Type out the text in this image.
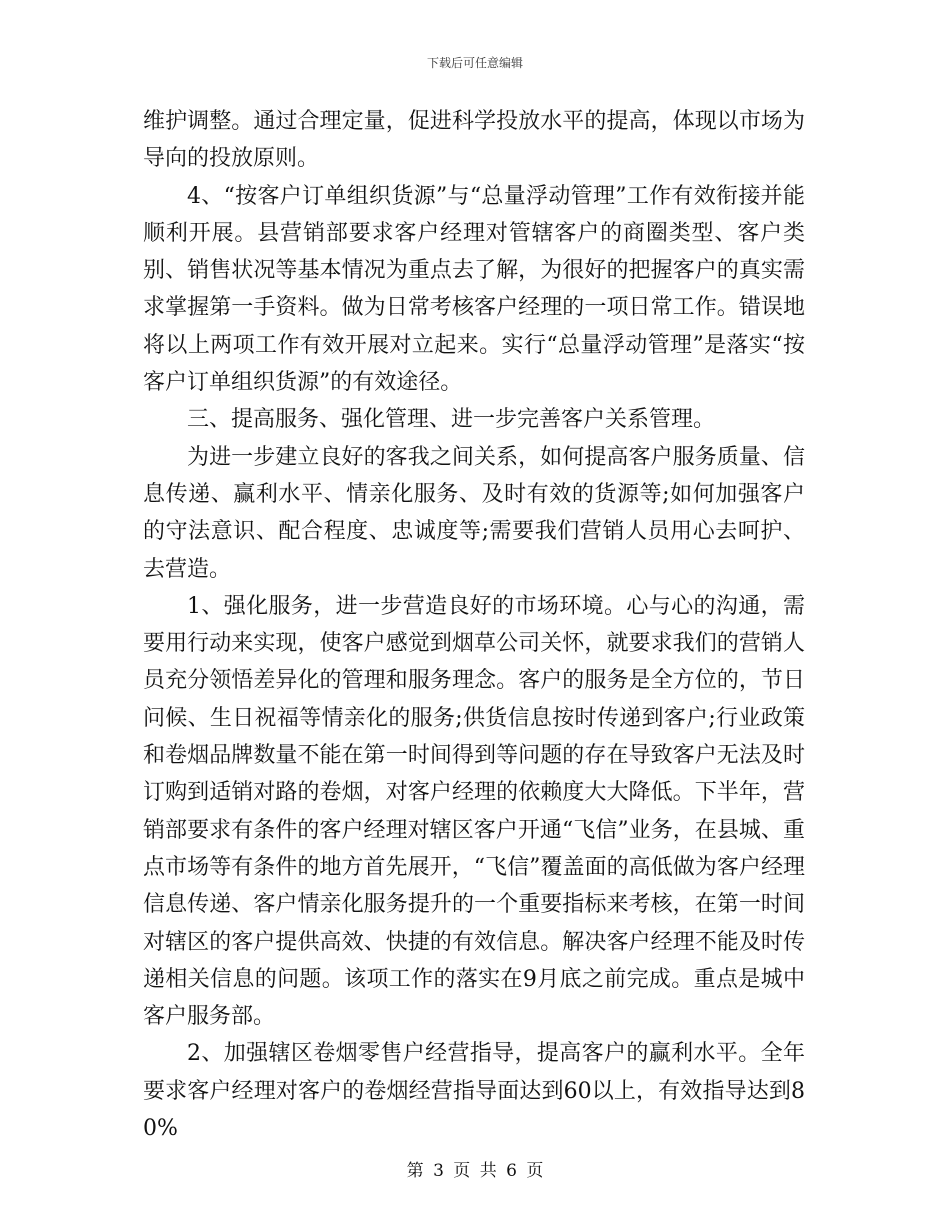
下载后可任意编辑

维护调整。通过合理定量，促进科学投放水平的提高，体现以市场为导向的投放原则。

4、“按客户订单组织货源”与“总量浮动管理”工作有效衔接并能顺利开展。县营销部要求客户经理对管辖客户的商圈类型、客户类别、销售状况等基本情况为重点去了解，为很好的把握客户的真实需求掌握第一手资料。做为日常考核客户经理的一项日常工作。错误地将以上两项工作有效开展对立起来。实行“总量浮动管理”是落实“按客户订单组织货源”的有效途径。

三、提高服务、强化管理、进一步完善客户关系管理。

为进一步建立良好的客我之间关系，如何提高客户服务质量、信息传递、赢利水平、情亲化服务、及时有效的货源等;如何加强客户的守法意识、配合程度、忠诚度等;需要我们营销人员用心去呵护、去营造。

1、强化服务，进一步营造良好的市场环境。心与心的沟通，需要用行动来实现，使客户感觉到烟草公司关怀，就要求我们的营销人员充分领悟差异化的管理和服务理念。客户的服务是全方位的，节日问候、生日祝福等情亲化的服务;供货信息按时传递到客户;行业政策和卷烟品牌数量不能在第一时间得到等问题的存在导致客户无法及时订购到适销对路的卷烟，对客户经理的依赖度大大降低。下半年，营销部要求有条件的客户经理对辖区客户开通“飞信”业务，在县城、重点市场等有条件的地方首先展开，“飞信”覆盖面的高低做为客户经理信息传递、客户情亲化服务提升的一个重要指标来考核，在第一时间对辖区的客户提供高效、快捷的有效信息。解决客户经理不能及时传递相关信息的问题。该项工作的落实在9月底之前完成。重点是城中客户服务部。

2、加强辖区卷烟零售户经营指导，提高客户的赢利水平。全年要求客户经理对客户的卷烟经营指导面达到60以上，有效指导达到80%

第 3 页 共 6 页
